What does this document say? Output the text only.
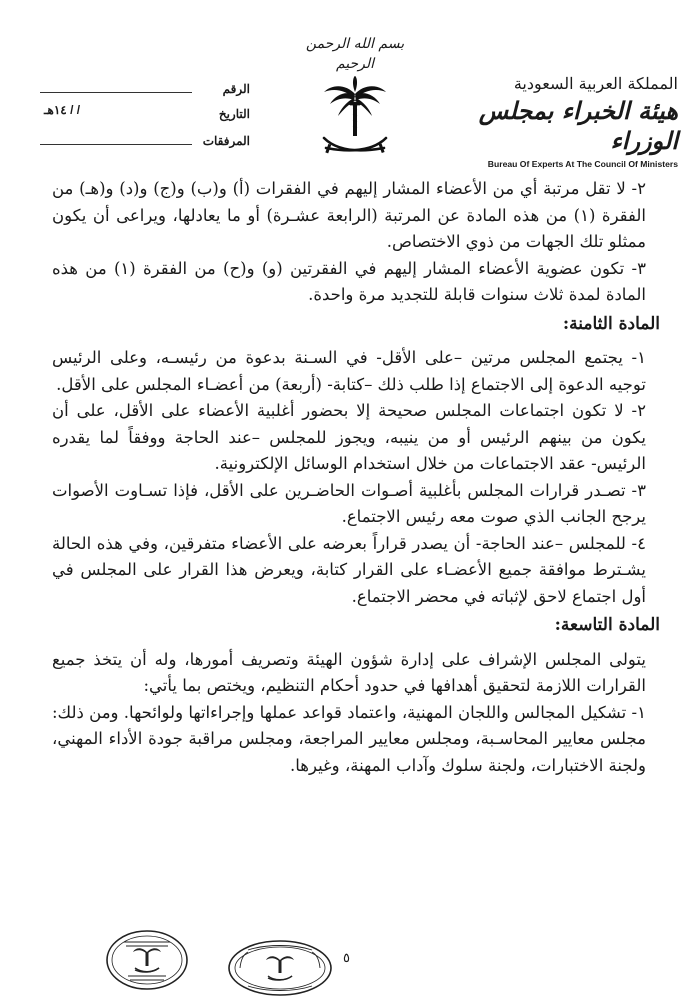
المملكة العربية السعودية
هيئة الخبراء بمجلس الوزراء
Bureau Of Experts At The Council Of Ministers
بسم الله الرحمن الرحيم
الرقم
التاريخ
/ / ١٤هـ
المرفقات

٢- لا تقل مرتبة أي من الأعضاء المشار إليهم في الفقرات (أ) و(ب) و(ج) و(د) و(هـ) من الفقرة (١) من هذه المادة عن المرتبة (الرابعة عشـرة) أو ما يعادلها، ويراعى أن يكون ممثلو تلك الجهات من ذوي الاختصاص.

٣- تكون عضوية الأعضاء المشار إليهم في الفقرتين (و) و(ح) من الفقرة (١) من هذه المادة لمدة ثلاث سنوات قابلة للتجديد مرة واحدة.

المادة الثامنة:

١- يجتمع المجلس مرتين –على الأقل- في السـنة بدعوة من رئيسـه، وعلى الرئيس توجيه الدعوة إلى الاجتماع إذا طلب ذلك –كتابة- (أربعة) من أعضـاء المجلس على الأقل.

٢- لا تكون اجتماعات المجلس صحيحة إلا بحضور أغلبية الأعضاء على الأقل، على أن يكون من بينهم الرئيس أو من ينيبه، ويجوز للمجلس –عند الحاجة ووفقاً لما يقدره الرئيس- عقد الاجتماعات من خلال استخدام الوسائل الإلكترونية.

٣- تصـدر قرارات المجلس بأغلبية أصـوات الحاضـرين على الأقل، فإذا تسـاوت الأصوات يرجح الجانب الذي صوت معه رئيس الاجتماع.

٤- للمجلس –عند الحاجة- أن يصدر قراراً بعرضه على الأعضاء متفرقين، وفي هذه الحالة يشـترط موافقة جميع الأعضـاء على القرار كتابة، ويعرض هذا القرار على المجلس في أول اجتماع لاحق لإثباته في محضر الاجتماع.

المادة التاسعة:

يتولى المجلس الإشراف على إدارة شؤون الهيئة وتصريف أمورها، وله أن يتخذ جميع القرارات اللازمة لتحقيق أهدافها في حدود أحكام التنظيم، ويختص بما يأتي:

١- تشكيل المجالس واللجان المهنية، واعتماد قواعد عملها وإجراءاتها ولوائحها. ومن ذلك: مجلس معايير المحاسـبة، ومجلس معايير المراجعة، ومجلس مراقبة جودة الأداء المهني، ولجنة الاختبارات، ولجنة سلوك وآداب المهنة، وغيرها.

٥
